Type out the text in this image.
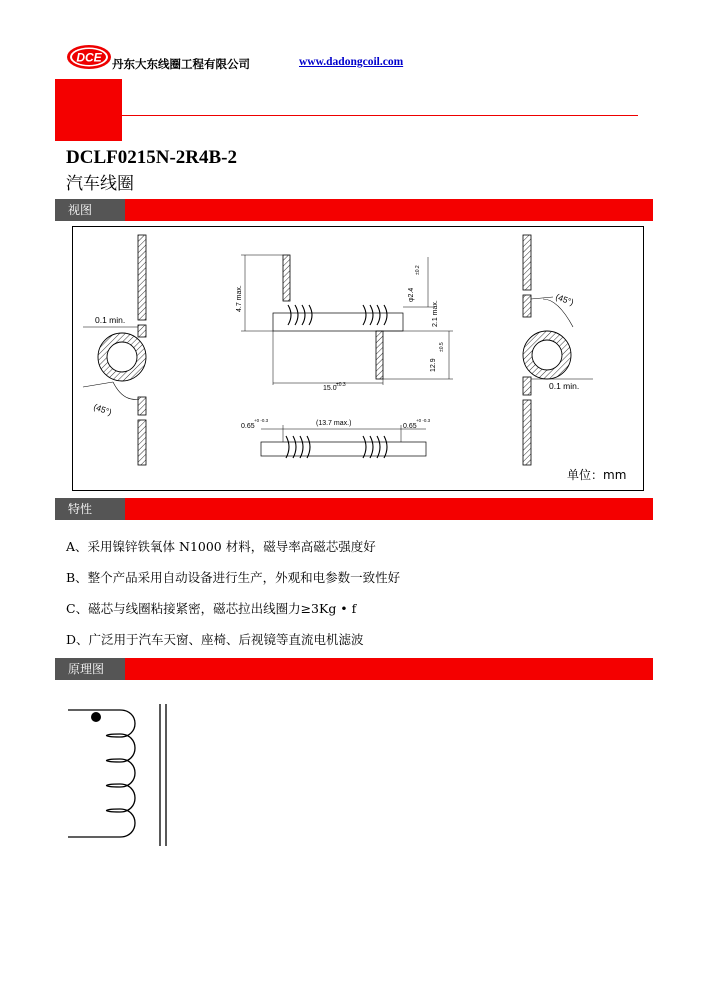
DCE 丹东大东线圈工程有限公司	www.dadongcoil.com
DCLF0215N-2R4B-2
汽车线圈
视图
0.1 min.
(45°)
4.7 max.	φ2.4
±0.2
2.1 max.
12.9
±0.5
15.0 ±0.3
0.65
+0 -0.3	(13.7 max.)	0.65
+0 -0.3
(45°)
0.1 min.
单位：mm
特性
A、采用镍锌铁氧体 N1000 材料，磁导率高磁芯强度好
B、整个产品采用自动设备进行生产，外观和电参数一致性好
C、磁芯与线圈粘接紧密，磁芯拉出线圈力≥3Kg • f
D、广泛用于汽车天窗、座椅、后视镜等直流电机滤波
原理图
